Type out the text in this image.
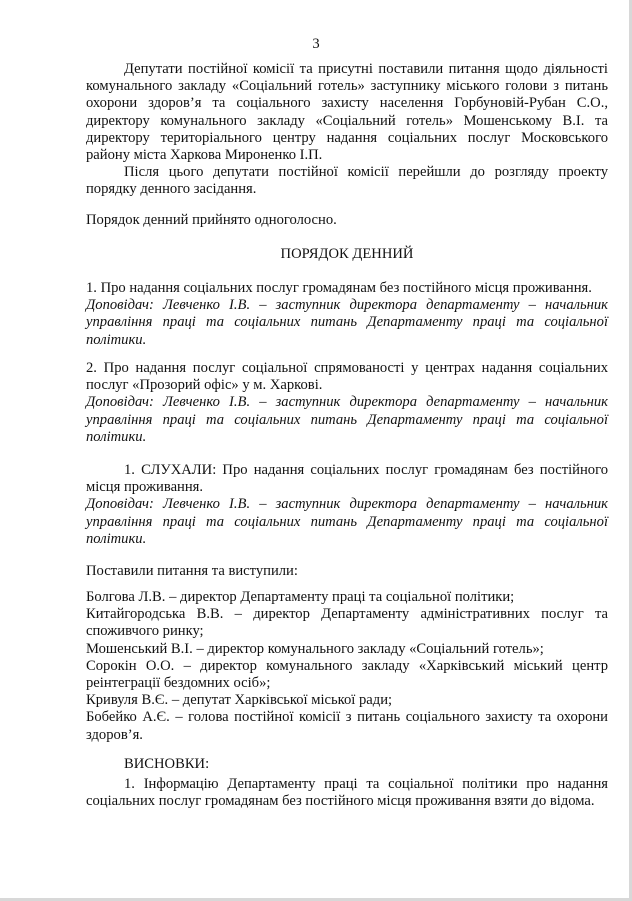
3

Депутати постійної комісії та присутні поставили питання щодо діяльності комунального закладу «Соціальний готель» заступнику міського голови з питань охорони здоров’я та соціального захисту населення Горбуновій-Рубан С.О., директору комунального закладу «Соціальний готель» Мошенському В.І. та директору територіального центру надання соціальних послуг Московського району міста Харкова Мироненко І.П.

Після цього депутати постійної комісії перейшли до розгляду проекту порядку денного засідання.

Порядок денний прийнято одноголосно.

ПОРЯДОК ДЕННИЙ

1. Про надання соціальних послуг громадянам без постійного місця проживання.

Доповідач: Левченко І.В. – заступник директора департаменту – начальник управління праці та соціальних питань Департаменту праці та соціальної політики.

2. Про надання послуг соціальної спрямованості у центрах надання соціальних послуг «Прозорий офіс» у м. Харкові.

Доповідач: Левченко І.В. – заступник директора департаменту – начальник управління праці та соціальних питань Департаменту праці та соціальної політики.

1. СЛУХАЛИ: Про надання соціальних послуг громадянам без постійного місця проживання.

Доповідач: Левченко І.В. – заступник директора департаменту – начальник управління праці та соціальних питань Департаменту праці та соціальної політики.

Поставили питання та виступили:

Болгова Л.В. – директор Департаменту праці та соціальної політики;

Китайгородська В.В. – директор Департаменту адміністративних послуг та споживчого ринку;

Мошенський В.І. – директор комунального закладу «Соціальний готель»;

Сорокін О.О. – директор комунального закладу «Харківський міський центр реінтеграції бездомних осіб»;

Кривуля В.Є. – депутат Харківської міської ради;

Бобейко А.Є. – голова постійної комісії з питань соціального захисту та охорони здоров’я.

ВИСНОВКИ:

1. Інформацію Департаменту праці та соціальної політики про надання соціальних послуг громадянам без постійного місця проживання взяти до відома.
